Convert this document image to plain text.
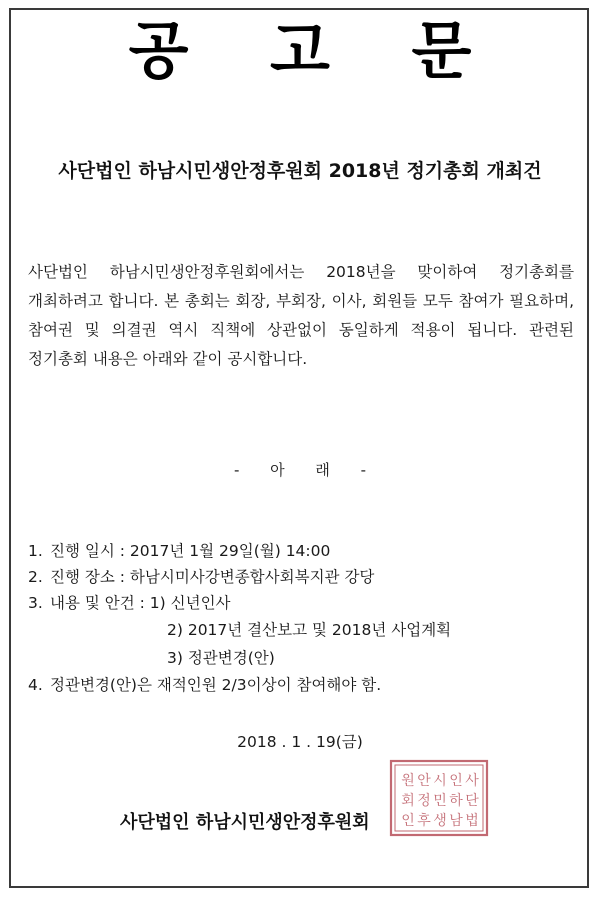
공 고 문
사단법인 하남시민생안정후원회 2018년 정기총회 개최건
사단법인 하남시민생안정후원회에서는 2018년을 맞이하여 정기총회를 개최하려고 합니다. 본 총회는 회장, 부회장, 이사, 회원들 모두 참여가 필요하며, 참여권 및 의결권 역시 직책에 상관없이 동일하게 적용이 됩니다. 관련된 정기총회 내용은 아래와 같이 공시합니다.
- 아 래 -
1. 진행 일시 : 2017년 1월 29일(월) 14:00
2. 진행 장소 : 하남시미사강변종합사회복지관 강당
3. 내용 및 안건 : 1) 신년인사
2) 2017년 결산보고 및 2018년 사업계획
3) 정관변경(안)
4. 정관변경(안)은 재적인원 2/3이상이 참여해야 함.
2018 . 1 . 19(금)
사단법인 하남시민생안정후원회
사
단
법
인
하
남
시
민
생
안
정
후
원
회
인
